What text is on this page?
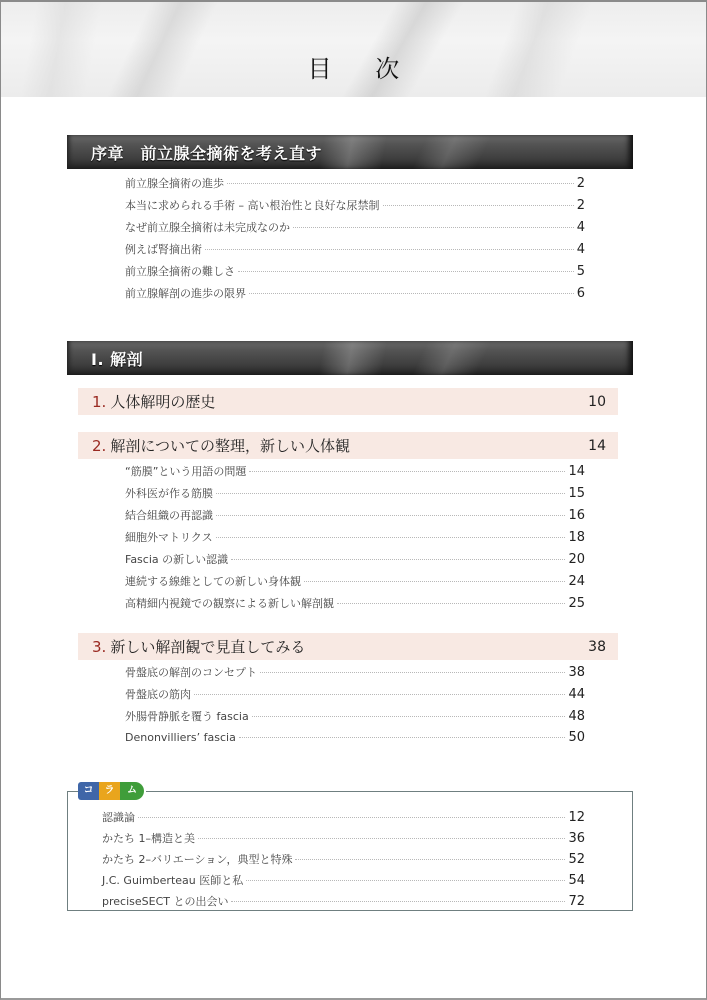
目 次
序章　前立腺全摘術を考え直す
前立腺全摘術の進歩	2
本当に求められる手術 – 高い根治性と良好な尿禁制	2
なぜ前立腺全摘術は未完成なのか	4
例えば腎摘出術	4
前立腺全摘術の難しさ	5
前立腺解剖の進歩の限界	6
I. 解剖
1. 人体解明の歴史	10
2. 解剖についての整理，新しい人体観	14
“筋膜”という用語の問題	14
外科医が作る筋膜	15
結合組織の再認識	16
細胞外マトリクス	18
Fascia の新しい認識	20
連続する線維としての新しい身体観	24
高精細内視鏡での観察による新しい解剖観	25
3. 新しい解剖観で見直してみる	38
骨盤底の解剖のコンセプト	38
骨盤底の筋肉	44
外腸骨静脈を覆う fascia	48
Denonvilliers’ fascia	50
コ	ラ	ム
認識論	12
かたち 1–構造と美	36
かたち 2–バリエーション，典型と特殊	52
J.C. Guimberteau 医師と私	54
preciseSECT との出会い	72
